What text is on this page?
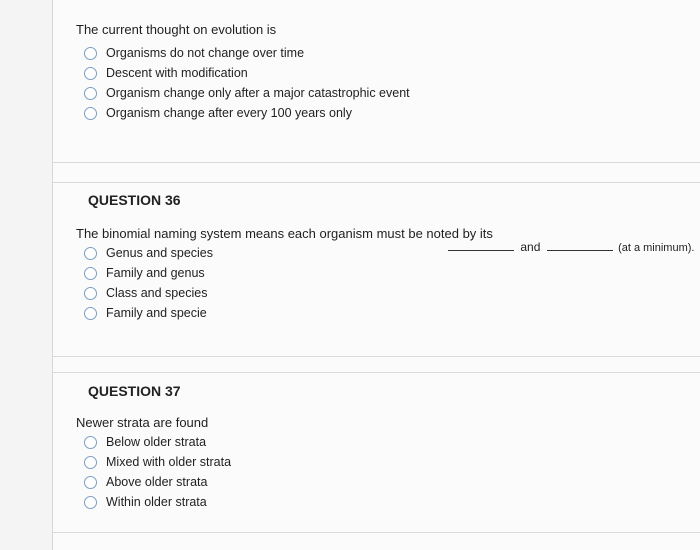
The current thought on evolution is
Organisms do not change over time
Descent with modification
Organism change only after a major catastrophic event
Organism change after every 100 years only
QUESTION 36
The binomial naming system means each organism must be noted by its
Genus and species
Family and genus
Class and species
Family and specie
and	(at a minimum).
QUESTION 37
Newer strata are found
Below older strata
Mixed with older strata
Above older strata
Within older strata
